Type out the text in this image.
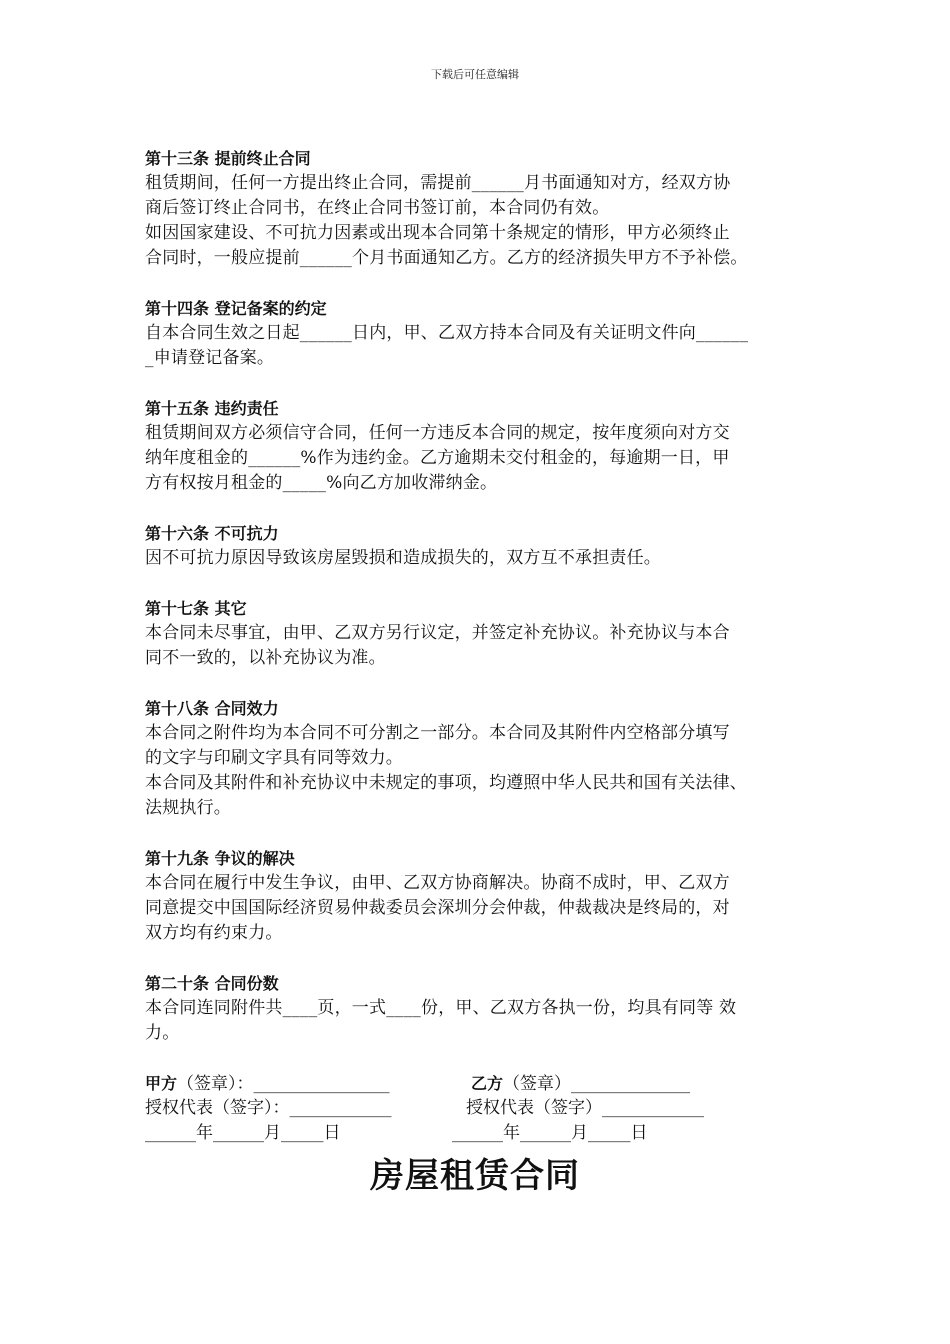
下载后可任意编辑

第十三条 提前终止合同

租赁期间，任何一方提出终止合同，需提前______月书面通知对方，经双方协
商后签订终止合同书，在终止合同书签订前，本合同仍有效。

如因国家建设、不可抗力因素或出现本合同第十条规定的情形，甲方必须终止
合同时，一般应提前______个月书面通知乙方。乙方的经济损失甲方不予补偿。

第十四条 登记备案的约定

自本合同生效之日起______日内，甲、乙双方持本合同及有关证明文件向______
_申请登记备案。

第十五条 违约责任

租赁期间双方必须信守合同，任何一方违反本合同的规定，按年度须向对方交
纳年度租金的______%作为违约金。乙方逾期未交付租金的，每逾期一日，甲
方有权按月租金的_____%向乙方加收滞纳金。

第十六条 不可抗力

因不可抗力原因导致该房屋毁损和造成损失的，双方互不承担责任。

第十七条 其它

本合同未尽事宜，由甲、乙双方另行议定，并签定补充协议。补充协议与本合
同不一致的，以补充协议为准。

第十八条 合同效力

本合同之附件均为本合同不可分割之一部分。本合同及其附件内空格部分填写
的文字与印刷文字具有同等效力。

本合同及其附件和补充协议中未规定的事项，均遵照中华人民共和国有关法律、
法规执行。

第十九条 争议的解决

本合同在履行中发生争议，由甲、乙双方协商解决。协商不成时，甲、乙双方
同意提交中国国际经济贸易仲裁委员会深圳分会仲裁，仲裁裁决是终局的，对
双方均有约束力。

第二十条 合同份数

本合同连同附件共____页，一式____份，甲、乙双方各执一份，均具有同等 效
力。

甲方（签章）：________________	乙方（签章）______________
授权代表（签字）：____________	授权代表（签字）____________
______年______月_____日	______年______月_____日
房屋租赁合同
